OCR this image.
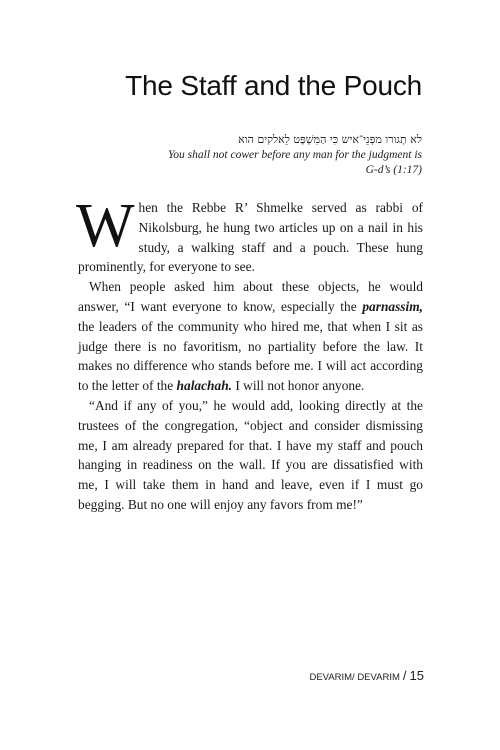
The Staff and the Pouch
לא תָגורו מפְּנֵי־איש כִּי הַמִּשְׁפָּט לֵאלקים הוא
You shall not cower before any man for the judgment is
G-d’s (1:17)

When the Rebbe R’ Shmelke served as rabbi of Nikolsburg, he hung two articles up on a nail in his study, a walking staff and a pouch. These hung prominently, for everyone to see.

When people asked him about these objects, he would answer, “I want everyone to know, especially the parnassim, the leaders of the community who hired me, that when I sit as judge there is no favoritism, no partiality before the law. It makes no difference who stands before me. I will act according to the letter of the halachah. I will not honor anyone.

“And if any of you,” he would add, looking directly at the trustees of the congregation, “object and consider dismissing me, I am already prepared for that. I have my staff and pouch hanging in readiness on the wall. If you are dissatisfied with me, I will take them in hand and leave, even if I must go begging. But no one will enjoy any favors from me!”

DEVARIM/ DEVARIM / 15
